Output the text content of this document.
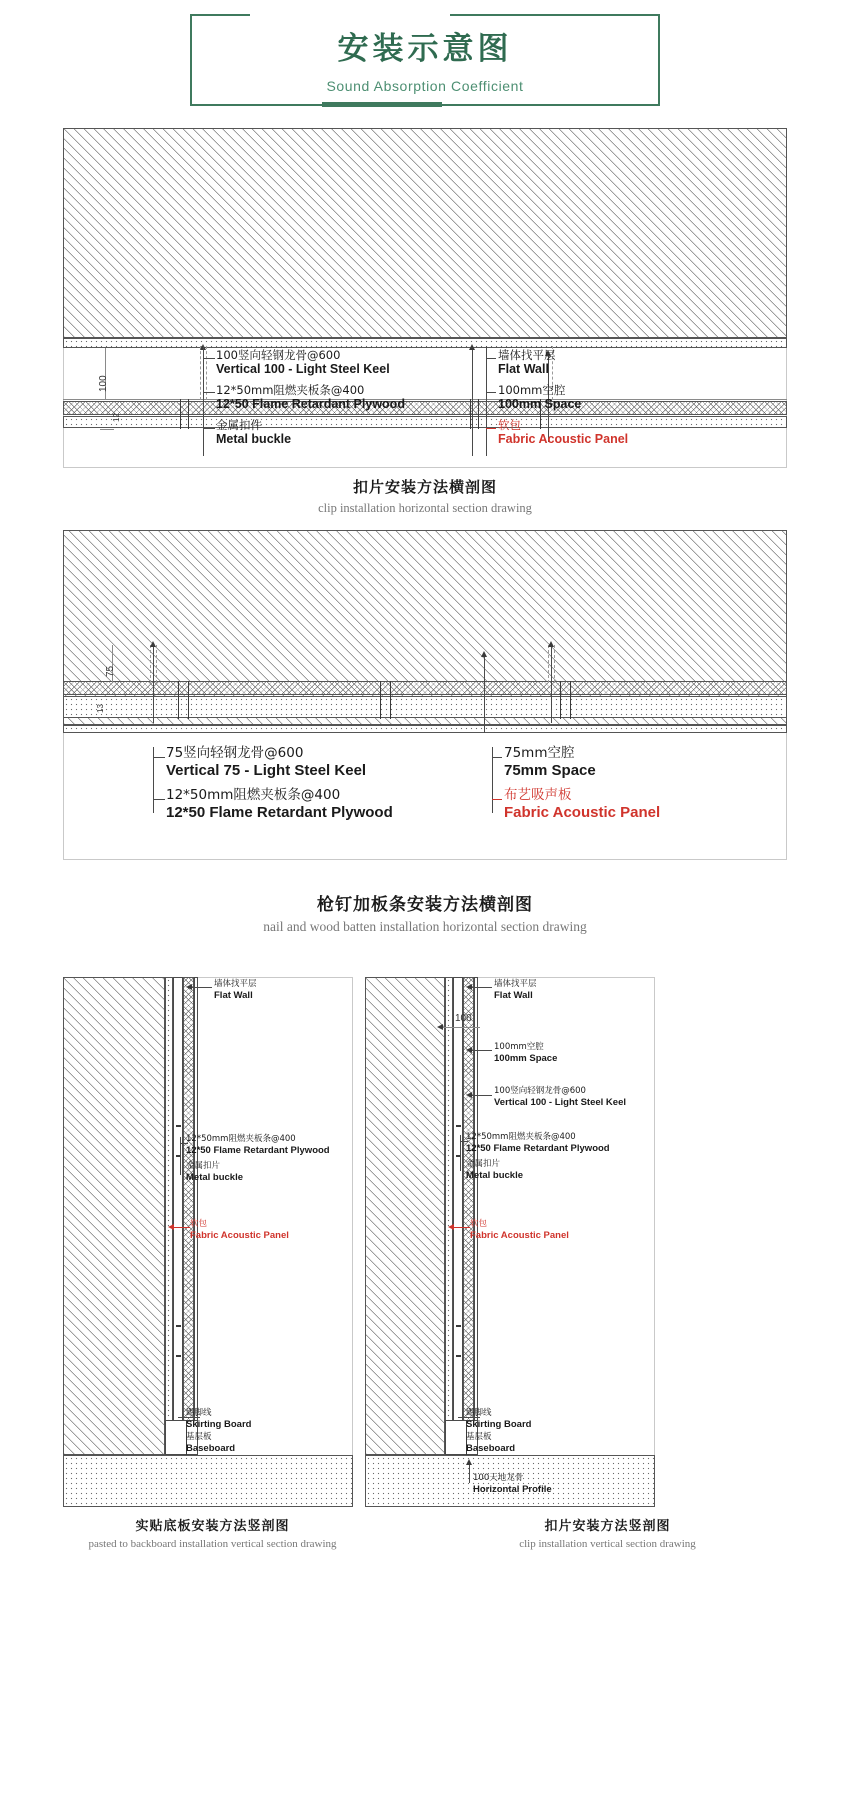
安装示意图
Sound Absorption Coefficient
100
12
100竖向轻钢龙骨@600
Vertical 100 - Light Steel Keel
12*50mm阻燃夹板条@400
12*50 Flame Retardant Plywood
金属扣件
Metal buckle
墙体找平层
Flat Wall
100mm空腔
100mm Space
软包
Fabric Acoustic Panel
扣片安装方法横剖图
clip installation horizontal section drawing
75
13
75竖向轻钢龙骨@600
Vertical 75 - Light Steel Keel
12*50mm阻燃夹板条@400
12*50 Flame Retardant Plywood
75mm空腔
75mm Space
布艺吸声板
Fabric Acoustic Panel
枪钉加板条安装方法横剖图
nail and wood batten installation horizontal section drawing
墙体找平层
Flat Wall
12*50mm阻燃夹板条@400
12*50 Flame Retardant Plywood
金属扣片
Metal buckle
软包
Fabric Acoustic Panel
踢脚线
Skirting Board
基层板
Baseboard
实贴底板安装方法竖剖图
pasted to backboard installation vertical section drawing
100
墙体找平层
Flat Wall
100mm空腔
100mm Space
100竖向轻钢龙骨@600
Vertical 100 - Light Steel Keel
12*50mm阻燃夹板条@400
12*50 Flame Retardant Plywood
金属扣片
Metal buckle
软包
Fabric Acoustic Panel
踢脚线
Skirting Board
基层板
Baseboard
100天地龙骨
Horizontal Profile
扣片安装方法竖剖图
clip installation vertical section drawing
